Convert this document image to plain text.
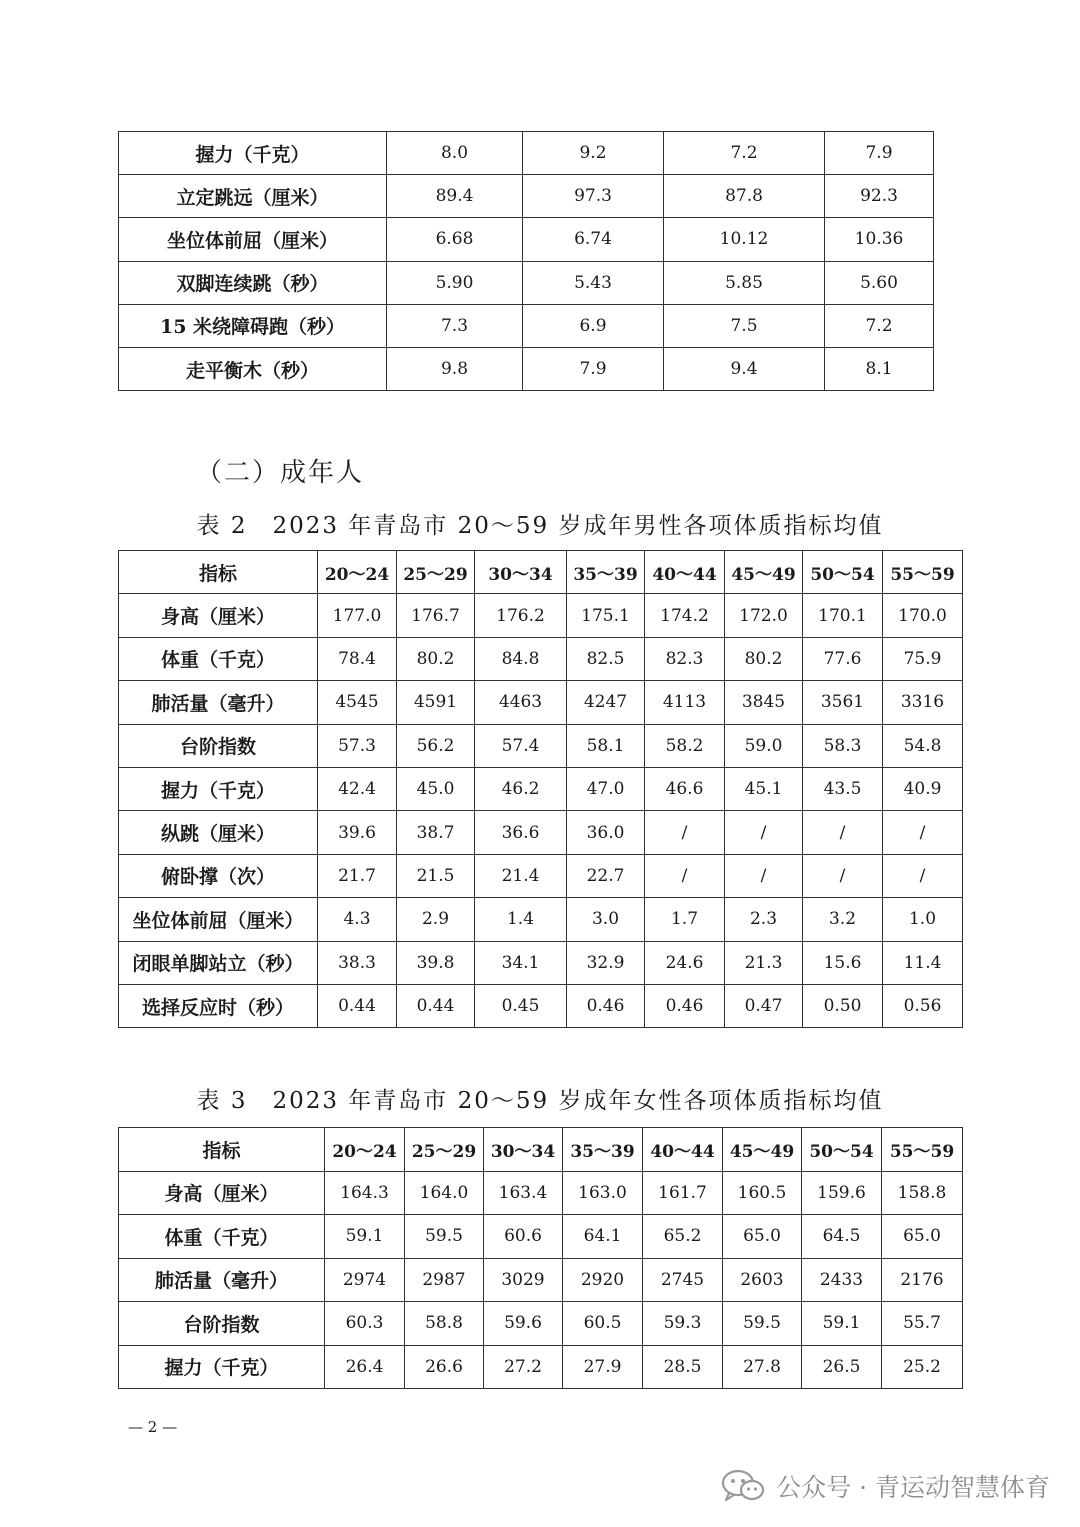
握力（千克）	8.0	9.2	7.2	7.9
立定跳远（厘米）	89.4	97.3	87.8	92.3
坐位体前屈（厘米）	6.68	6.74	10.12	10.36
双脚连续跳（秒）	5.90	5.43	5.85	5.60
15 米绕障碍跑（秒）	7.3	6.9	7.5	7.2
走平衡木（秒）	9.8	7.9	9.4	8.1
（二）成年人
表 2　2023 年青岛市 20～59 岁成年男性各项体质指标均值
指标	20～24	25～29	30～34	35～39	40～44	45～49	50～54	55～59
身高（厘米）	177.0	176.7	176.2	175.1	174.2	172.0	170.1	170.0
体重（千克）	78.4	80.2	84.8	82.5	82.3	80.2	77.6	75.9
肺活量（毫升）	4545	4591	4463	4247	4113	3845	3561	3316
台阶指数	57.3	56.2	57.4	58.1	58.2	59.0	58.3	54.8
握力（千克）	42.4	45.0	46.2	47.0	46.6	45.1	43.5	40.9
纵跳（厘米）	39.6	38.7	36.6	36.0	/	/	/	/
俯卧撑（次）	21.7	21.5	21.4	22.7	/	/	/	/
坐位体前屈（厘米）	4.3	2.9	1.4	3.0	1.7	2.3	3.2	1.0
闭眼单脚站立（秒）	38.3	39.8	34.1	32.9	24.6	21.3	15.6	11.4
选择反应时（秒）	0.44	0.44	0.45	0.46	0.46	0.47	0.50	0.56
表 3　2023 年青岛市 20～59 岁成年女性各项体质指标均值
指标	20～24	25～29	30～34	35～39	40～44	45～49	50～54	55～59
身高（厘米）	164.3	164.0	163.4	163.0	161.7	160.5	159.6	158.8
体重（千克）	59.1	59.5	60.6	64.1	65.2	65.0	64.5	65.0
肺活量（毫升）	2974	2987	3029	2920	2745	2603	2433	2176
台阶指数	60.3	58.8	59.6	60.5	59.3	59.5	59.1	55.7
握力（千克）	26.4	26.6	27.2	27.9	28.5	27.8	26.5	25.2
— 2 —
公众号 · 青运动智慧体育
